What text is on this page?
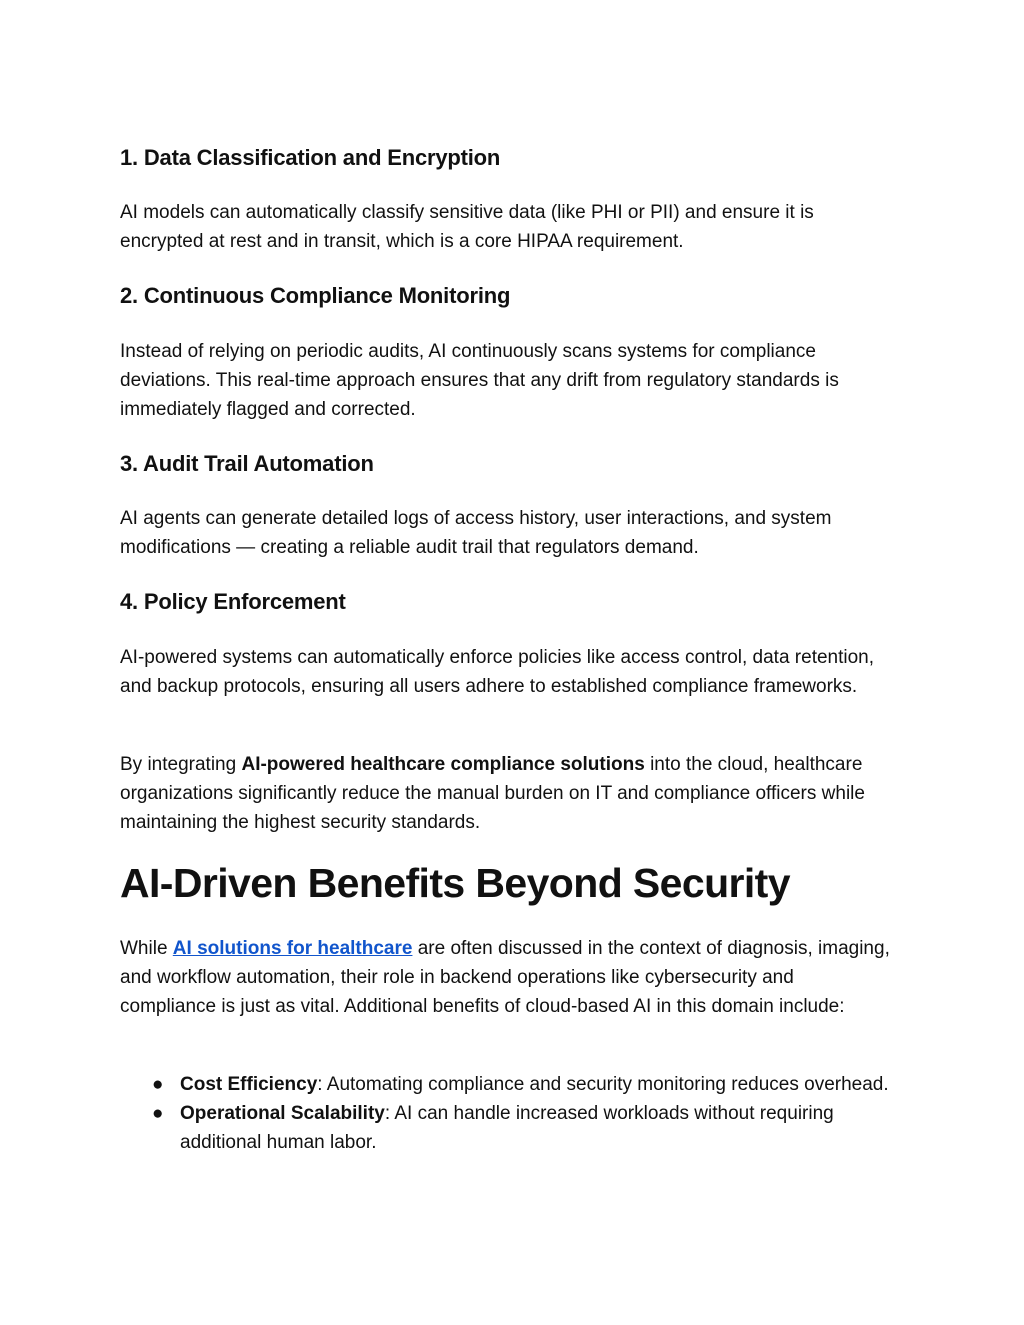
1. Data Classification and Encryption

AI models can automatically classify sensitive data (like PHI or PII) and ensure it is encrypted at rest and in transit, which is a core HIPAA requirement.

2. Continuous Compliance Monitoring

Instead of relying on periodic audits, AI continuously scans systems for compliance deviations. This real-time approach ensures that any drift from regulatory standards is immediately flagged and corrected.

3. Audit Trail Automation

AI agents can generate detailed logs of access history, user interactions, and system modifications — creating a reliable audit trail that regulators demand.

4. Policy Enforcement

AI-powered systems can automatically enforce policies like access control, data retention, and backup protocols, ensuring all users adhere to established compliance frameworks.

By integrating AI-powered healthcare compliance solutions into the cloud, healthcare organizations significantly reduce the manual burden on IT and compliance officers while maintaining the highest security standards.

AI-Driven Benefits Beyond Security

While AI solutions for healthcare are often discussed in the context of diagnosis, imaging, and workflow automation, their role in backend operations like cybersecurity and compliance is just as vital. Additional benefits of cloud-based AI in this domain include:

● Cost Efficiency: Automating compliance and security monitoring reduces overhead.
● Operational Scalability: AI can handle increased workloads without requiring additional human labor.
